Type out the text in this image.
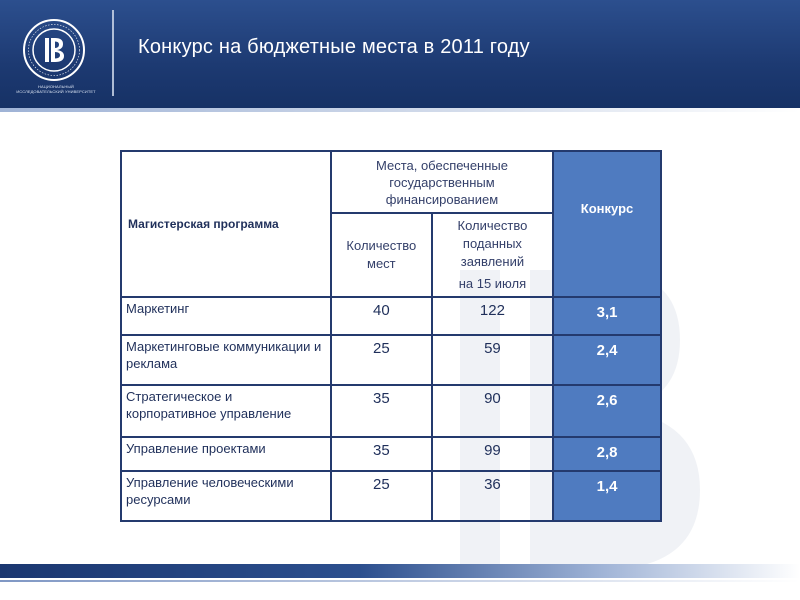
НАЦИОНАЛЬНЫЙ ИССЛЕДОВАТЕЛЬСКИЙ УНИВЕРСИТЕТ
Конкурс на бюджетные места в 2011 году
Магистерская программа	Места, обеспеченные государственным финансированием		Конкурс
	Количество мест	Количество поданных заявлений
на 15 июля	

Маркетинг	40	122	3,1
Маркетинговые коммуникации и реклама	25	59	2,4
Стратегическое и корпоративное управление	35	90	2,6
Управление проектами	35	99	2,8
Управление человеческими ресурсами	25	36	1,4
